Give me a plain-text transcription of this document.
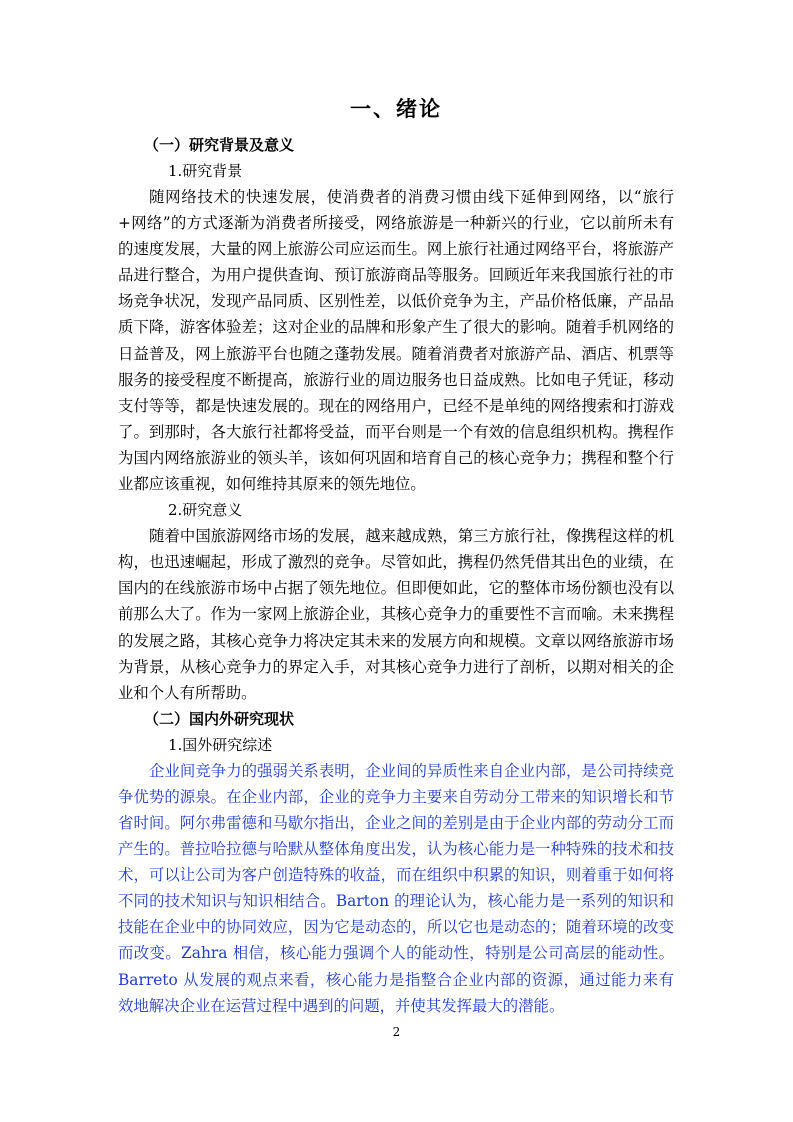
一、绪论

（一）研究背景及意义

1.研究背景

随网络技术的快速发展，使消费者的消费习惯由线下延伸到网络，以“旅行+网络”的方式逐渐为消费者所接受，网络旅游是一种新兴的行业，它以前所未有的速度发展，大量的网上旅游公司应运而生。网上旅行社通过网络平台，将旅游产品进行整合，为用户提供查询、预订旅游商品等服务。回顾近年来我国旅行社的市场竞争状况，发现产品同质、区别性差，以低价竞争为主，产品价格低廉，产品品质下降，游客体验差；这对企业的品牌和形象产生了很大的影响。随着手机网络的日益普及，网上旅游平台也随之蓬勃发展。随着消费者对旅游产品、酒店、机票等服务的接受程度不断提高，旅游行业的周边服务也日益成熟。比如电子凭证，移动支付等等，都是快速发展的。现在的网络用户，已经不是单纯的网络搜索和打游戏了。到那时，各大旅行社都将受益，而平台则是一个有效的信息组织机构。携程作为国内网络旅游业的领头羊，该如何巩固和培育自己的核心竞争力；携程和整个行业都应该重视，如何维持其原来的领先地位。

2.研究意义

随着中国旅游网络市场的发展，越来越成熟，第三方旅行社，像携程这样的机构，也迅速崛起，形成了激烈的竞争。尽管如此，携程仍然凭借其出色的业绩，在国内的在线旅游市场中占据了领先地位。但即便如此，它的整体市场份额也没有以前那么大了。作为一家网上旅游企业，其核心竞争力的重要性不言而喻。未来携程的发展之路，其核心竞争力将决定其未来的发展方向和规模。文章以网络旅游市场为背景，从核心竞争力的界定入手，对其核心竞争力进行了剖析，以期对相关的企业和个人有所帮助。

（二）国内外研究现状

1.国外研究综述

企业间竞争力的强弱关系表明，企业间的异质性来自企业内部，是公司持续竞争优势的源泉。在企业内部，企业的竞争力主要来自劳动分工带来的知识增长和节省时间。阿尔弗雷德和马歇尔指出，企业之间的差别是由于企业内部的劳动分工而产生的。普拉哈拉德与哈默从整体角度出发，认为核心能力是一种特殊的技术和技术，可以让公司为客户创造特殊的收益，而在组织中积累的知识，则着重于如何将不同的技术知识与知识相结合。Barton 的理论认为，核心能力是一系列的知识和技能在企业中的协同效应，因为它是动态的，所以它也是动态的；随着环境的改变而改变。Zahra 相信，核心能力强调个人的能动性，特别是公司高层的能动性。Barreto 从发展的观点来看，核心能力是指整合企业内部的资源，通过能力来有效地解决企业在运营过程中遇到的问题，并使其发挥最大的潜能。

2
